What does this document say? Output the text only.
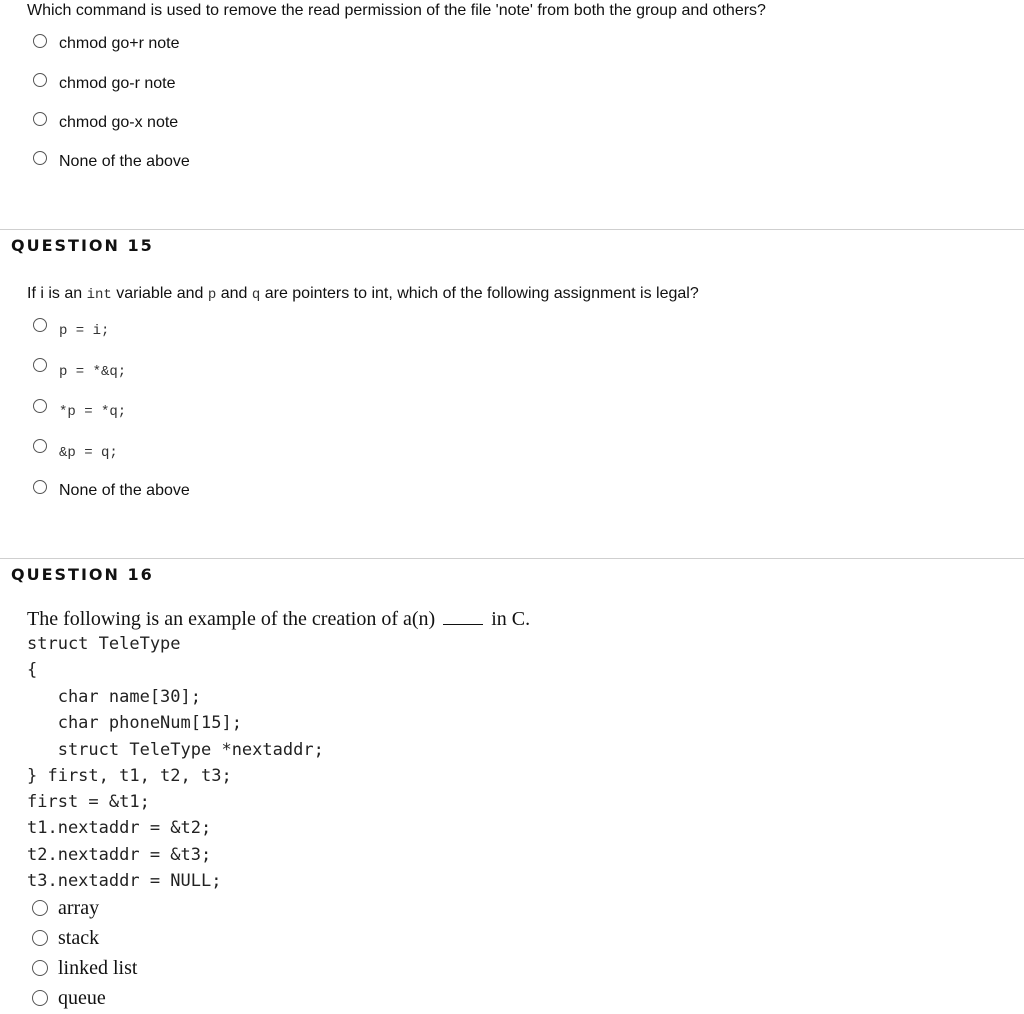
Which command is used to remove the read permission of the file 'note' from both the group and others?
chmod go+r note
chmod go-r note
chmod go-x note
None of the above
QUESTION 15
If i is an int variable and p and q are pointers to int, which of the following assignment is legal?
p = i;
p = *&q;
*p = *q;
&p = q;
None of the above
QUESTION 16
The following is an example of the creation of a(n)	in C.
struct TeleType
{
char name[30];
char phoneNum[15];
struct TeleType *nextaddr;
} first, t1, t2, t3;
first = &t1;
t1.nextaddr = &t2;
t2.nextaddr = &t3;
t3.nextaddr = NULL;
array
stack
linked list
queue
